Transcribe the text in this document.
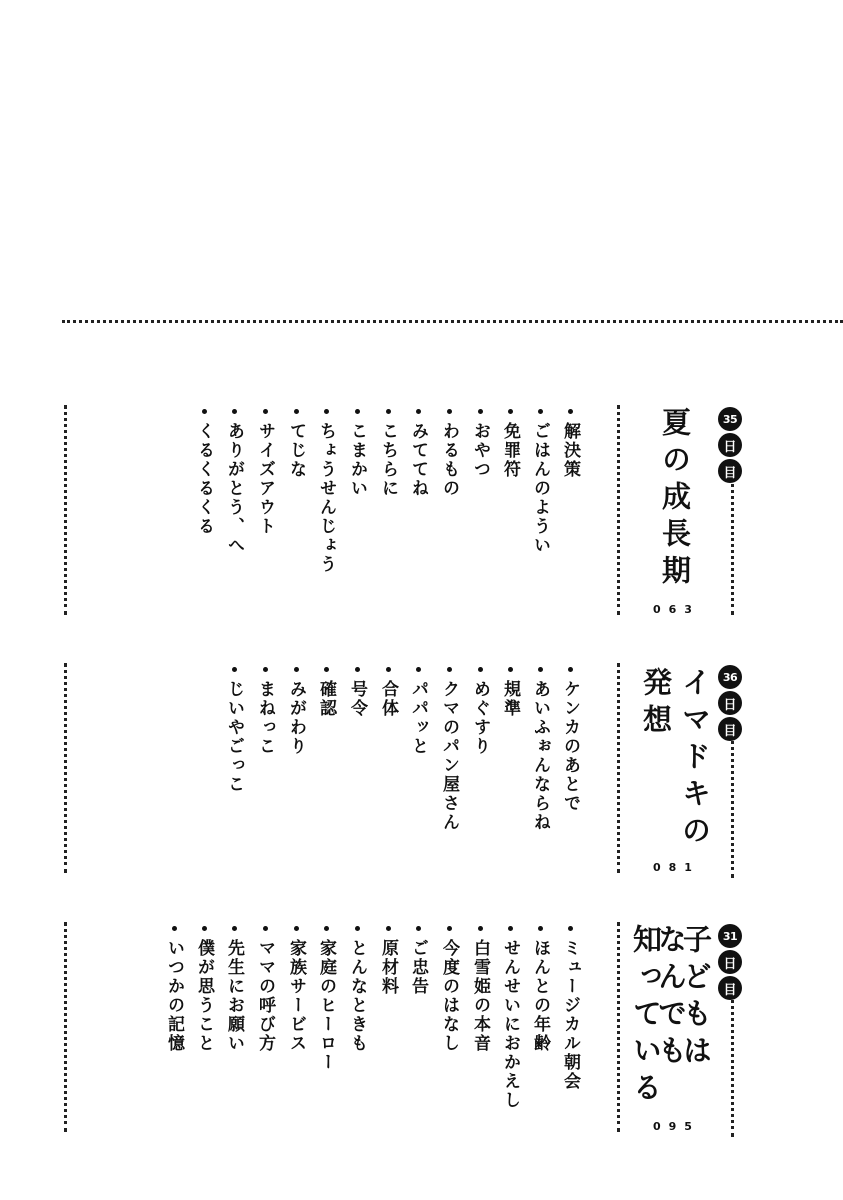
35
日
目
夏の成長期
063
解決策
ごはんのようい
免罪符
おやつ
わるもの
みててね
こちらに
こまかい
ちょうせんじょう
てじな
サイズアウト
ありがとう、へ
くるくるくる
36
日
目
イマドキの
発想
081
ケンカのあとで
あいふぉんならね
規準
めぐすり
クマのパン屋さん
パパッと
合体
号令
確認
みがわり
まねっこ
じいやごっこ
31
日
目
子どもは
なんでも
知っている
095
ミュージカル朝会
ほんとの年齢
せんせいにおかえし
白雪姫の本音
今度のはなし
ご忠告
原材料
とんなときも
家庭のヒーロー
家族サービス
ママの呼び方
先生にお願い
僕が思うこと
いつかの記憶
